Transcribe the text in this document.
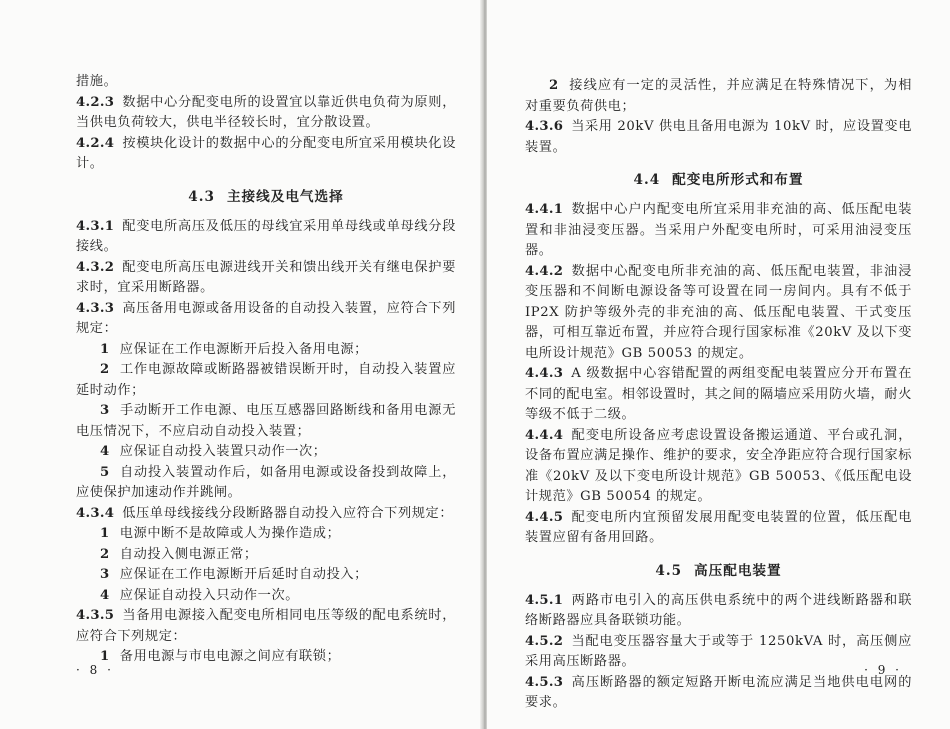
措施。

4.2.3 数据中心分配变电所的设置宜以靠近供电负荷为原则，当供电负荷较大，供电半径较长时，宜分散设置。

4.2.4 按模块化设计的数据中心的分配变电所宜采用模块化设计。

4.3 主接线及电气选择

4.3.1 配变电所高压及低压的母线宜采用单母线或单母线分段接线。

4.3.2 配变电所高压电源进线开关和馈出线开关有继电保护要求时，宜采用断路器。

4.3.3 高压备用电源或备用设备的自动投入装置，应符合下列规定：

1 应保证在工作电源断开后投入备用电源；

2 工作电源故障或断路器被错误断开时，自动投入装置应延时动作；

3 手动断开工作电源、电压互感器回路断线和备用电源无电压情况下，不应启动自动投入装置；

4 应保证自动投入装置只动作一次；

5 自动投入装置动作后，如备用电源或设备投到故障上，应使保护加速动作并跳闸。

4.3.4 低压单母线接线分段断路器自动投入应符合下列规定：

1 电源中断不是故障或人为操作造成；

2 自动投入侧电源正常；

3 应保证在工作电源断开后延时自动投入；

4 应保证自动投入只动作一次。

4.3.5 当备用电源接入配变电所相同电压等级的配电系统时，应符合下列规定：

1 备用电源与市电电源之间应有联锁；

· 8 ·

2 接线应有一定的灵活性，并应满足在特殊情况下，为相对重要负荷供电；

4.3.6 当采用 20kV 供电且备用电源为 10kV 时，应设置变电装置。

4.4 配变电所形式和布置

4.4.1 数据中心户内配变电所宜采用非充油的高、低压配电装置和非油浸变压器。当采用户外配变电所时，可采用油浸变压器。

4.4.2 数据中心配变电所非充油的高、低压配电装置，非油浸变压器和不间断电源设备等可设置在同一房间内。具有不低于 IP2X 防护等级外壳的非充油的高、低压配电装置、干式变压器，可相互靠近布置，并应符合现行国家标准《20kV 及以下变电所设计规范》GB 50053 的规定。

4.4.3 A 级数据中心容错配置的两组变配电装置应分开布置在不同的配电室。相邻设置时，其之间的隔墙应采用防火墙，耐火等级不低于二级。

4.4.4 配变电所设备应考虑设置设备搬运通道、平台或孔洞，设备布置应满足操作、维护的要求，安全净距应符合现行国家标准《20kV 及以下变电所设计规范》GB 50053、《低压配电设计规范》GB 50054 的规定。

4.4.5 配变电所内宜预留发展用配变电装置的位置，低压配电装置应留有备用回路。

4.5 高压配电装置

4.5.1 两路市电引入的高压供电系统中的两个进线断路器和联络断路器应具备联锁功能。

4.5.2 当配电变压器容量大于或等于 1250kVA 时，高压侧应采用高压断路器。

4.5.3 高压断路器的额定短路开断电流应满足当地供电电网的要求。

· 9 ·
